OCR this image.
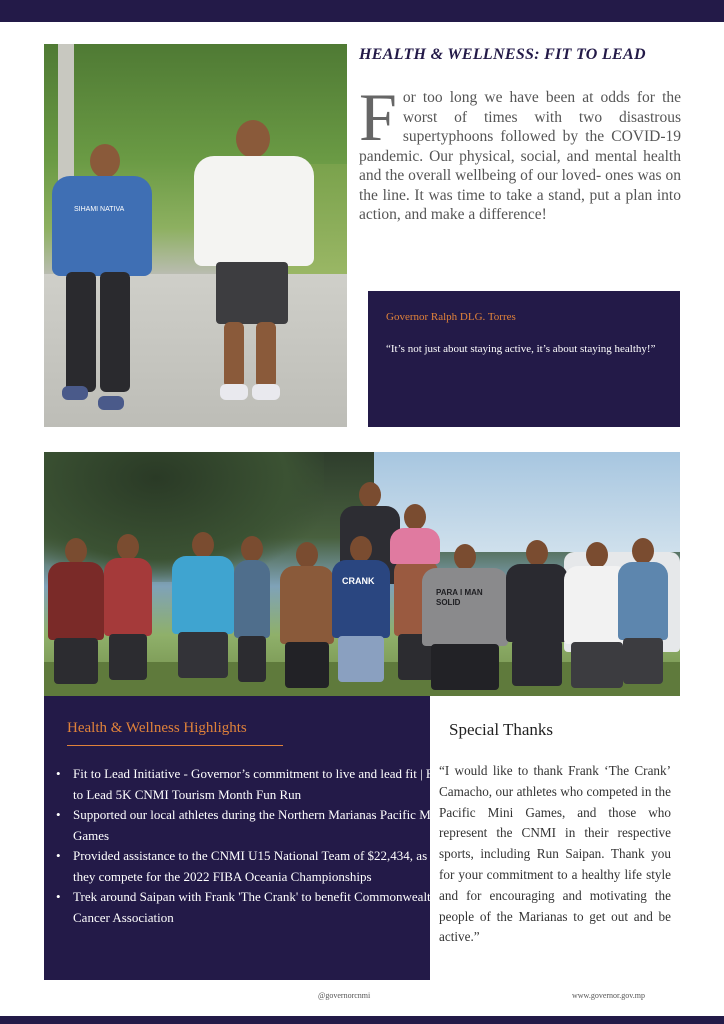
SIHAMI NATIVA
HEALTH & WELLNESS: FIT TO LEAD
For too long we have been at odds for the worst of times with two disastrous supertyphoons followed by the COVID-19 pandemic. Our physical, social, and mental health and the overall wellbeing of our loved- ones was on the line. It was time to take a stand, put a plan into action, and make a difference!
Governor Ralph DLG. Torres
“It’s not just about staying active, it’s about staying healthy!”
CRANK
PARA I MAN SOLID
Health & Wellness Highlights
• Fit to Lead Initiative - Governor’s commitment to live and lead fit | Fit to Lead 5K CNMI Tourism Month Fun Run
• Supported our local athletes during the Northern Marianas Pacific Mini Games
• Provided assistance to the CNMI U15 National Team of $22,434, as they compete for the 2022 FIBA Oceania Championships
• Trek around Saipan with Frank 'The Crank' to benefit Commonwealth Cancer Association
Special Thanks
“I would like to thank Frank ‘The Crank’ Camacho, our athletes who competed in the Pacific Mini Games, and those who represent the CNMI in their respective sports, including Run Saipan. Thank you for your commitment to a healthy life style and for encouraging and motivating the people of the Marianas to get out and be active.”
@governorcnmi	www.governor.gov.mp
